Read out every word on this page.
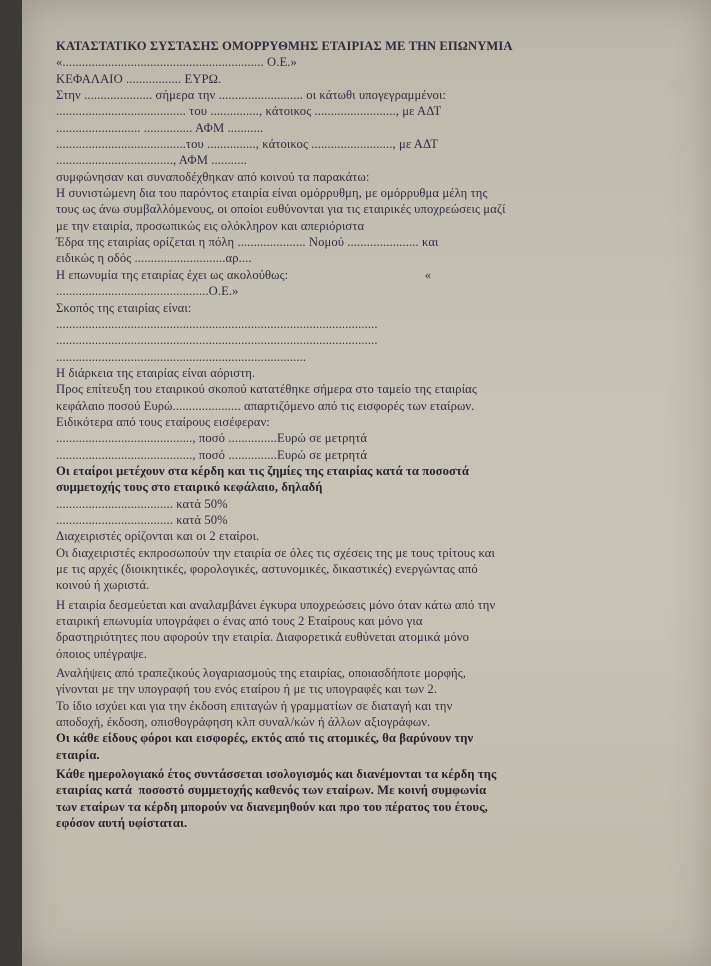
ΚΑΤΑΣΤΑΤΙΚΟ ΣΥΣΤΑΣΗΣ ΟΜΟΡΡΥΘΜΗΣ ΕΤΑΙΡΙΑΣ ΜΕ ΤΗΝ ΕΠΩΝΥΜΙΑ
«.............................................................. Ο.Ε.»
ΚΕΦΑΛΑΙΟ ................. ΕΥΡΩ.
Στην ..................... σήμερα την .......................... οι κάτωθι υπογεγραμμένοι:
........................................ του ..............., κάτοικος ........................., με ΑΔΤ
.......................... ............... ΑΦΜ ...........
........................................του ..............., κάτοικος ........................., με ΑΔΤ
...................................., ΑΦΜ ...........
συμφώνησαν και συναποδέχθηκαν από κοινού τα παρακάτω:
Η συνιστώμενη δια του παρόντος εταιρία είναι ομόρρυθμη, με ομόρρυθμα μέλη της
τους ως άνω συμβαλλόμενους, οι οποίοι ευθύνονται για τις εταιρικές υποχρεώσεις μαζί
με την εταιρία, προσωπικώς εις ολόκληρον και απεριόριστα
Έδρα της εταιρίας ορίζεται η πόλη ..................... Νομού ...................... και
ειδικώς η οδός ............................αρ....
Η επωνυμία της εταιρίας έχει ως ακολούθως:                                          «
...............................................Ο.Ε.»
Σκοπός της εταιρίας είναι:
...................................................................................................
...................................................................................................
.............................................................................
Η διάρκεια της εταιρίας είναι αόριστη.
Προς επίτευξη του εταιρικού σκοπού κατατέθηκε σήμερα στο ταμείο της εταιρίας
κεφάλαιο ποσού Ευρώ..................... απαρτιζόμενο από τις εισφορές των εταίρων.
Ειδικότερα από τους εταίρους εισέφεραν:
.........................................., ποσό ...............Ευρώ σε μετρητά
.........................................., ποσό ...............Ευρώ σε μετρητά
Οι εταίροι μετέχουν στα κέρδη και τις ζημίες της εταιρίας κατά τα ποσοστά
συμμετοχής τους στο εταιρικό κεφάλαιο, δηλαδή
.................................... κατά 50%
.................................... κατά 50%
Διαχειριστές ορίζονται και οι 2 εταίροι.
Οι διαχειριστές εκπροσωπούν την εταιρία σε όλες τις σχέσεις της με τους τρίτους και
με τις αρχές (διοικητικές, φορολογικές, αστυνομικές, δικαστικές) ενεργώντας από
κοινού ή χωριστά.
Η εταιρία δεσμεύεται και αναλαμβάνει έγκυρα υποχρεώσεις μόνο όταν κάτω από την
εταιρική επωνυμία υπογράφει ο ένας από τους 2 Εταίρους και μόνο για
δραστηριότητες που αφορούν την εταιρία. Διαφορετικά ευθύνεται ατομικά μόνο
όποιος υπέγραψε.
Αναλήψεις από τραπεζικούς λογαριασμούς της εταιρίας, οποιασδήποτε μορφής,
γίνονται με την υπογραφή του ενός εταίρου ή με τις υπογραφές και των 2.
Το ίδιο ισχύει και για την έκδοση επιταγών ή γραμματίων σε διαταγή και την
αποδοχή, έκδοση, οπισθογράφηση κλπ συναλ/κών ή άλλων αξιογράφων.
Οι κάθε είδους φόροι και εισφορές, εκτός από τις ατομικές, θα βαρύνουν την
εταιρία.
Κάθε ημερολογιακό έτος συντάσσεται ισολογισμός και διανέμονται τα κέρδη της
εταιρίας κατά  ποσοστό συμμετοχής καθενός των εταίρων. Με κοινή συμφωνία
των εταίρων τα κέρδη μπορούν να διανεμηθούν και προ του πέρατος του έτους,
εφόσον αυτή υφίσταται.
